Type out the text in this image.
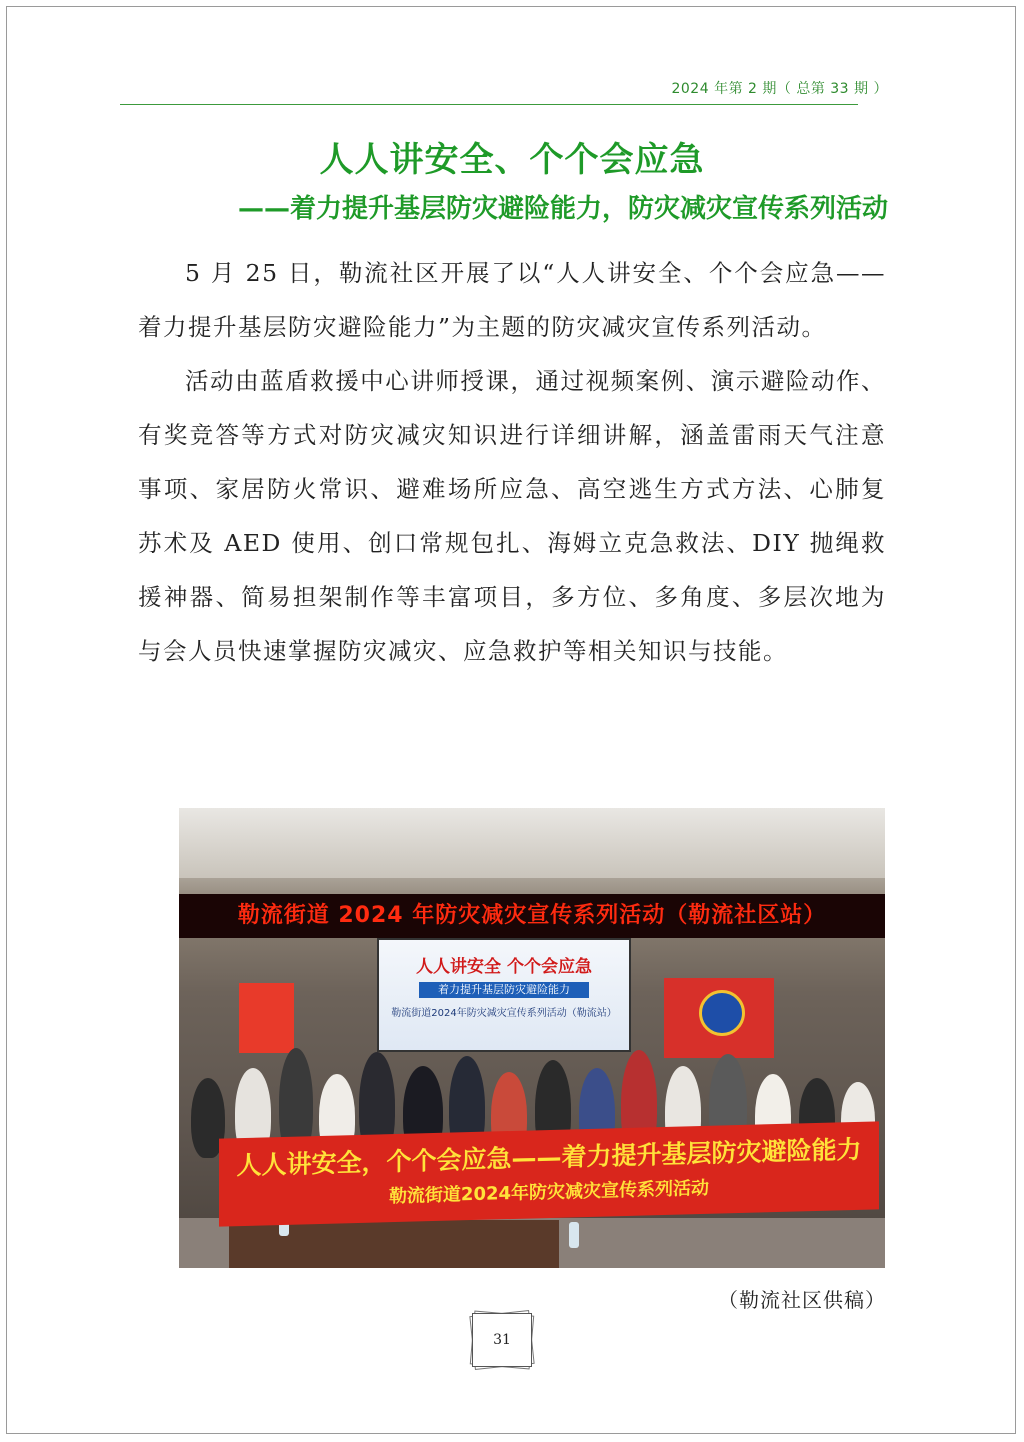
2024 年第 2 期（ 总第 33 期 ）
人人讲安全、个个会应急
——着力提升基层防灾避险能力，防灾减灾宣传系列活动

5 月 25 日，勒流社区开展了以“人人讲安全、个个会应急——着力提升基层防灾避险能力”为主题的防灾减灾宣传系列活动。

活动由蓝盾救援中心讲师授课，通过视频案例、演示避险动作、有奖竞答等方式对防灾减灾知识进行详细讲解，涵盖雷雨天气注意事项、家居防火常识、避难场所应急、高空逃生方式方法、心肺复苏术及 AED 使用、创口常规包扎、海姆立克急救法、DIY 抛绳救援神器、简易担架制作等丰富项目，多方位、多角度、多层次地为与会人员快速掌握防灾减灾、应急救护等相关知识与技能。

勒流街道 2024 年防灾减灾宣传系列活动（勒流社区站）
人人讲安全 个个会应急
着力提升基层防灾避险能力
勒流街道2024年防灾减灾宣传系列活动（勒流站）
人人讲安全，个个会应急——着力提升基层防灾避险能力
勒流街道2024年防灾减灾宣传系列活动
（勒流社区供稿）
31
